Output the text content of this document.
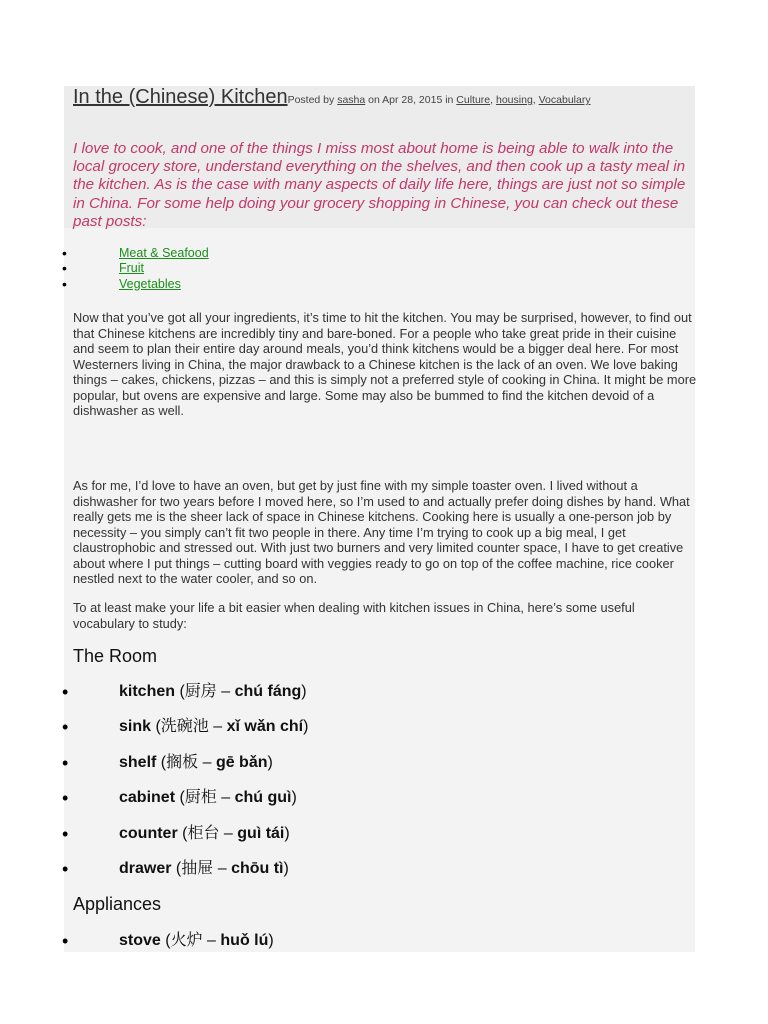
In the (Chinese) KitchenPosted by sasha on Apr 28, 2015 in Culture, housing, Vocabulary

I love to cook, and one of the things I miss most about home is being able to walk into the local grocery store, understand everything on the shelves, and then cook up a tasty meal in the kitchen. As is the case with many aspects of daily life here, things are just not so simple in China. For some help doing your grocery shopping in Chinese, you can check out these past posts:

• Meat & Seafood
• Fruit
• Vegetables

Now that you’ve got all your ingredients, it’s time to hit the kitchen. You may be surprised, however, to find out that Chinese kitchens are incredibly tiny and bare-boned. For a people who take great pride in their cuisine and seem to plan their entire day around meals, you’d think kitchens would be a bigger deal here. For most Westerners living in China, the major drawback to a Chinese kitchen is the lack of an oven. We love baking things – cakes, chickens, pizzas – and this is simply not a preferred style of cooking in China. It might be more popular, but ovens are expensive and large. Some may also be bummed to find the kitchen devoid of a dishwasher as well.

As for me, I’d love to have an oven, but get by just fine with my simple toaster oven. I lived without a dishwasher for two years before I moved here, so I’m used to and actually prefer doing dishes by hand. What really gets me is the sheer lack of space in Chinese kitchens. Cooking here is usually a one-person job by necessity – you simply can’t fit two people in there. Any time I’m trying to cook up a big meal, I get claustrophobic and stressed out. With just two burners and very limited counter space, I have to get creative about where I put things – cutting board with veggies ready to go on top of the coffee machine, rice cooker nestled next to the water cooler, and so on.

To at least make your life a bit easier when dealing with kitchen issues in China, here’s some useful vocabulary to study:

The Room
• kitchen (厨房 – chú fáng)
• sink (洗碗池 – xǐ wǎn chí)
• shelf (搁板 – gē bǎn)
• cabinet (厨柜 – chú guì)
• counter (柜台 – guì tái)
• drawer (抽屉 – chōu tì)
Appliances
• stove (火炉 – huǒ lú)
